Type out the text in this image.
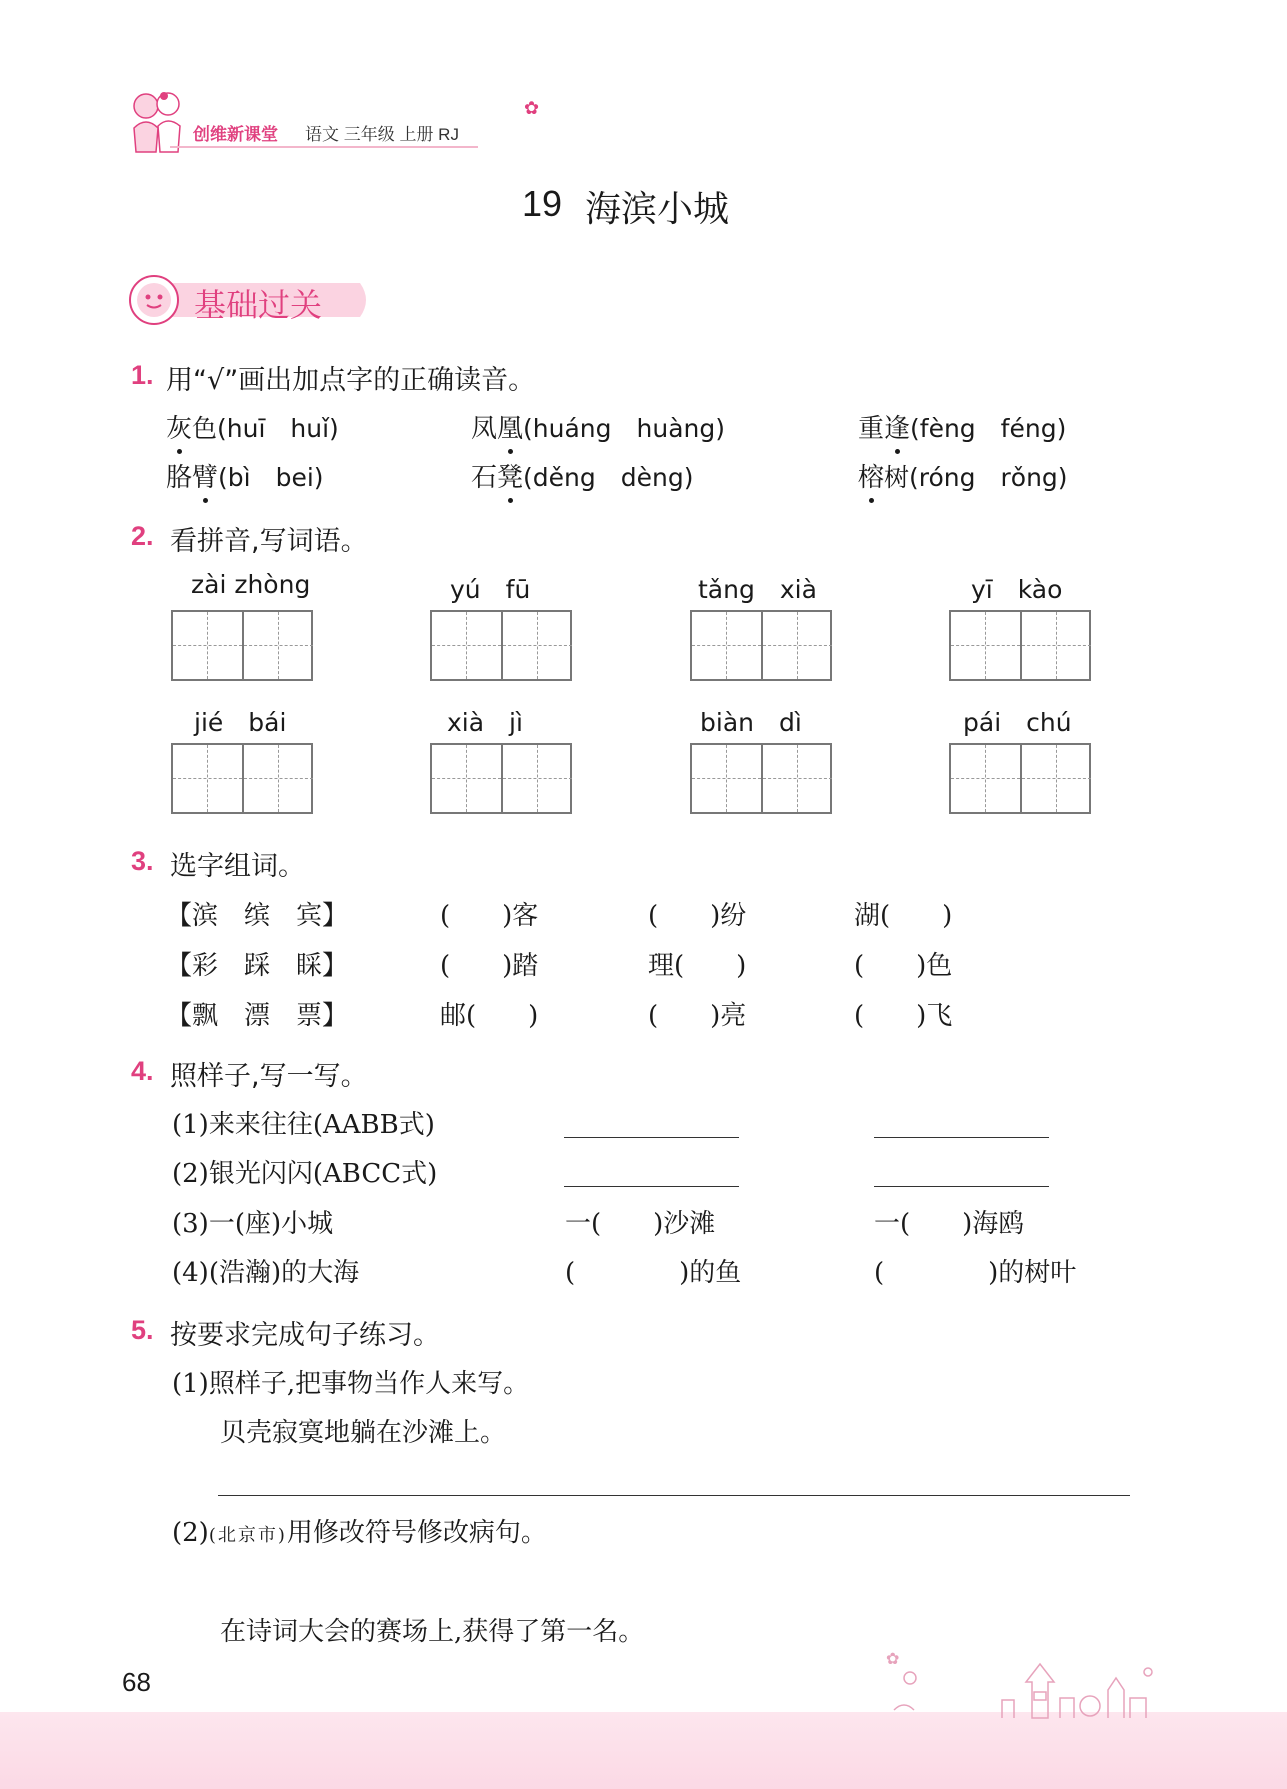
创维新课堂 语文 三年级 上册 RJ
✿
19 海滨小城
基础过关
1. 用“√”画出加点字的正确读音。
灰色(huī　huǐ)	凤凰(huáng　huàng)	重逢(fèng　féng)
胳臂(bì　bei)	石凳(děng　dèng)	榕树(róng　rǒng)
2. 看拼音,写词语。
zài zhòng	yú　fū	tǎng　xià	yī　kào
jié　bái	xià　jì	biàn　dì	pái　chú
3. 选字组词。
【滨　缤　宾】	(　　)客	(　　)纷	湖(　　)
【彩　踩　睬】	(　　)踏	理(　　)	(　　)色
【飘　漂　票】	邮(　　)	(　　)亮	(　　)飞
4. 照样子,写一写。
(1)来来往往(AABB式)
(2)银光闪闪(ABCC式)
(3)一(座)小城	一(　　)沙滩	一(　　)海鸥
(4)(浩瀚)的大海	(　　　　)的鱼	(　　　　)的树叶
5. 按要求完成句子练习。
(1)照样子,把事物当作人来写。
贝壳寂寞地躺在沙滩上。
(2)(北京市)用修改符号修改病句。
在诗词大会的赛场上,获得了第一名。
68
✿
